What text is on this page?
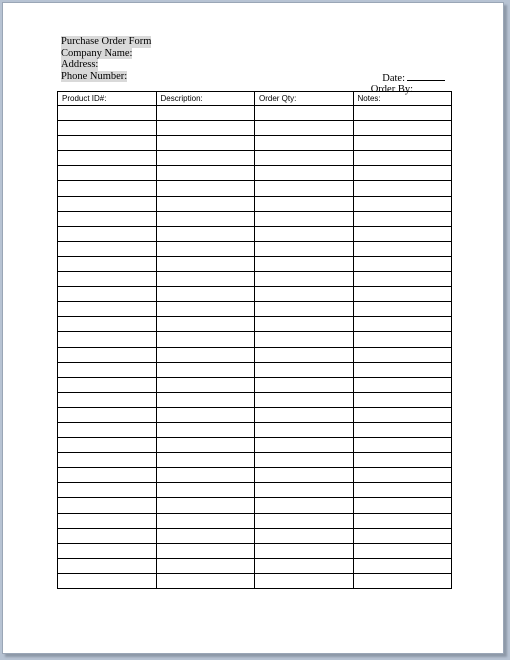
Purchase Order Form
Company Name:
Address:
Phone Number:	Date:
Order By:
Product ID#:	Description:	Order Qty:	Notes:
